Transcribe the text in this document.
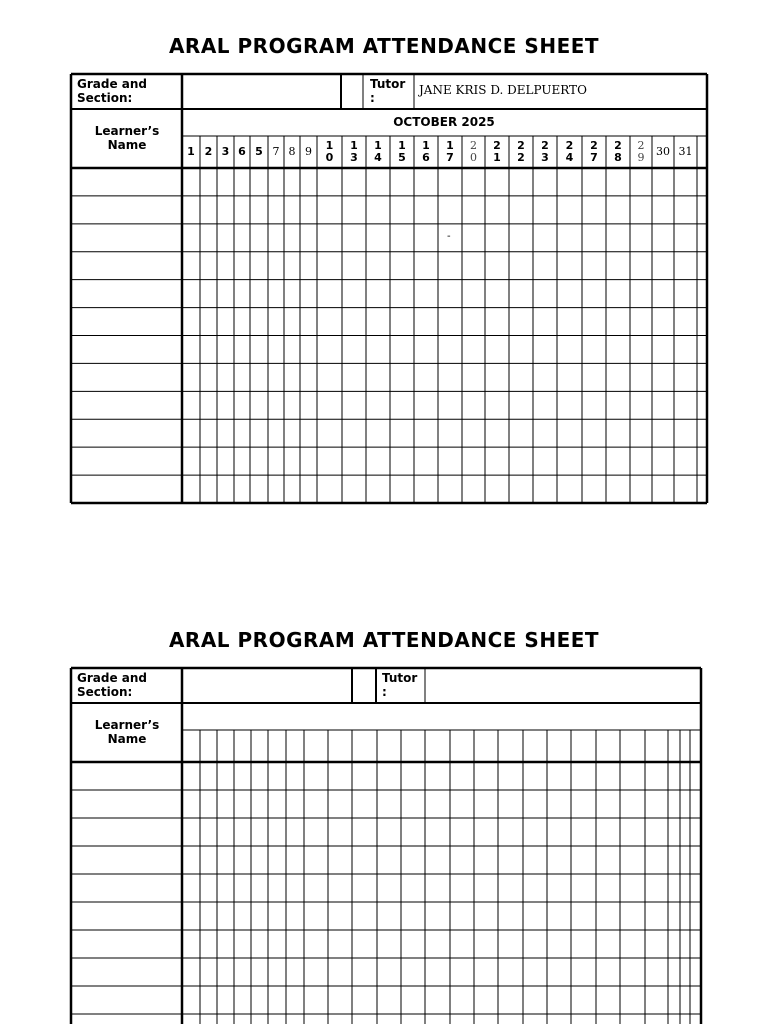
ARAL PROGRAM ATTENDANCE SHEET
Grade and Section:
Tutor :
JANE KRIS D. DELPUERTO
Learner’s Name
OCTOBER 2025
1 2 3 6 5 7 8 9	1
0
1
3
1
4
1
5
1
6
1
7
2
0
2
1
2
2
2
3
2
4
2
7
2
8
2
9	30 31
-
ARAL PROGRAM ATTENDANCE SHEET
Grade and Section:
Tutor :
Learner’s Name
